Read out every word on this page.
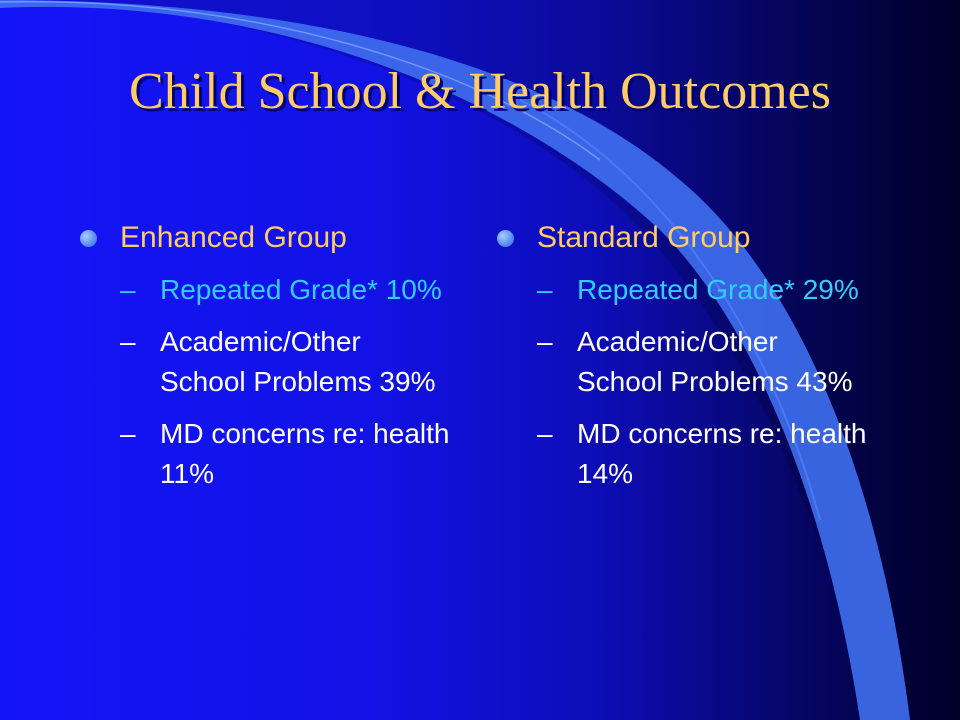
Child School & Health Outcomes
Enhanced Group
– Repeated Grade* 10%
– Academic/Other School Problems 39%
– MD concerns re: health 11%
Standard Group
– Repeated Grade* 29%
– Academic/Other School Problems 43%
– MD concerns re: health 14%
